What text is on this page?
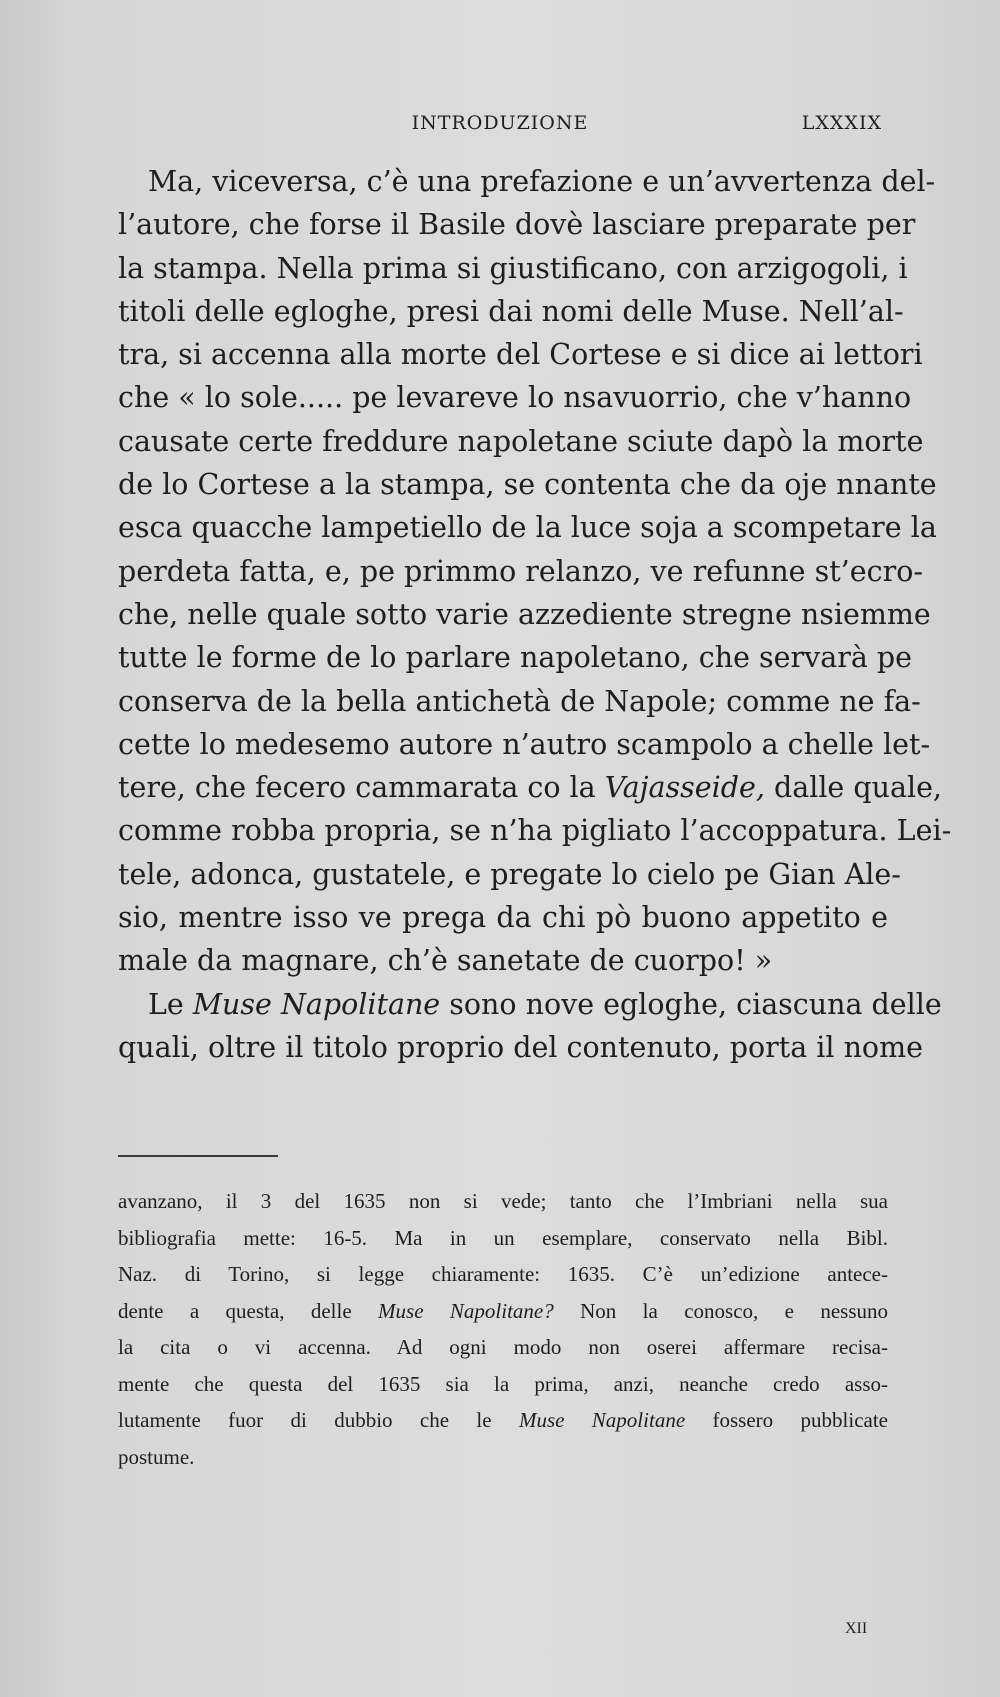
INTRODUZIONE	LXXXIX
Ma, viceversa, c’è una prefazione e un’avvertenza del-
l’autore, che forse il Basile dovè lasciare preparate per
la stampa. Nella prima si giustificano, con arzigogoli, i
titoli delle egloghe, presi dai nomi delle Muse. Nell’al-
tra, si accenna alla morte del Cortese e si dice ai lettori
che « lo sole..... pe levareve lo nsavuorrio, che v’hanno
causate certe freddure napoletane sciute dapò la morte
de lo Cortese a la stampa, se contenta che da oje nnante
esca quacche lampetiello de la luce soja a scompetare la
perdeta fatta, e, pe primmo relanzo, ve refunne st’ecro-
che, nelle quale sotto varie azzediente stregne nsiemme
tutte le forme de lo parlare napoletano, che servarà pe
conserva de la bella antichetà de Napole; comme ne fa-
cette lo medesemo autore n’autro scampolo a chelle let-
tere, che fecero cammarata co la Vajasseide, dalle quale,
comme robba propria, se n’ha pigliato l’accoppatura. Lei-
tele, adonca, gustatele, e pregate lo cielo pe Gian Ale-
sio, mentre isso ve prega da chi pò buono appetito e
male da magnare, ch’è sanetate de cuorpo! »
Le Muse Napolitane sono nove egloghe, ciascuna delle
quali, oltre il titolo proprio del contenuto, porta il nome
avanzano, il 3 del 1635 non si vede; tanto che l’Imbriani nella sua
bibliografia mette: 16-5. Ma in un esemplare, conservato nella Bibl.
Naz. di Torino, si legge chiaramente: 1635. C’è un’edizione antece-
dente a questa, delle Muse Napolitane? Non la conosco, e nessuno
la cita o vi accenna. Ad ogni modo non oserei affermare recisa-
mente che questa del 1635 sia la prima, anzi, neanche credo asso-
lutamente fuor di dubbio che le Muse Napolitane fossero pubblicate
postume.
XII
